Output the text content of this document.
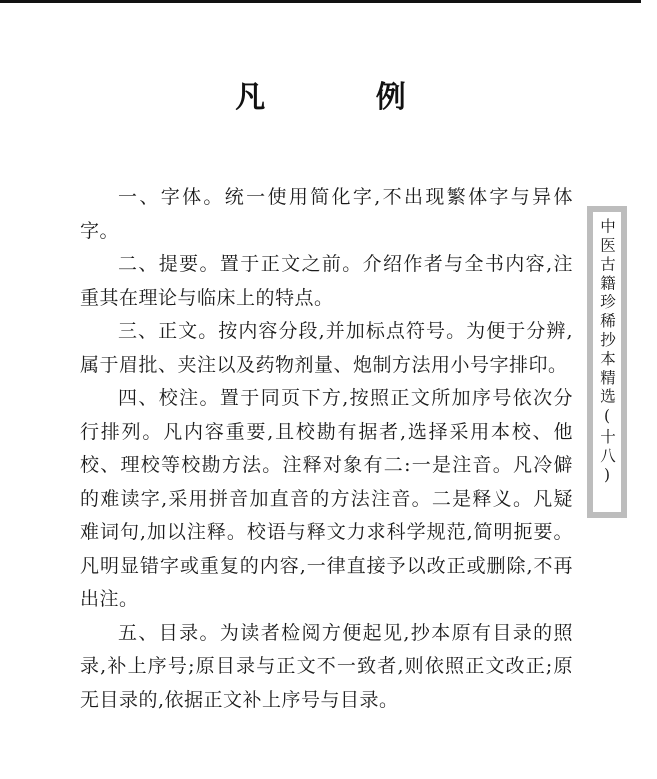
凡 例

一、字体。统一使用简化字,不出现繁体字与异体字。

二、提要。置于正文之前。介绍作者与全书内容,注重其在理论与临床上的特点。

三、正文。按内容分段,并加标点符号。为便于分辨,属于眉批、夹注以及药物剂量、炮制方法用小号字排印。

四、校注。置于同页下方,按照正文所加序号依次分行排列。凡内容重要,且校勘有据者,选择采用本校、他校、理校等校勘方法。注释对象有二:一是注音。凡冷僻的难读字,采用拼音加直音的方法注音。二是释义。凡疑难词句,加以注释。校语与释文力求科学规范,简明扼要。凡明显错字或重复的内容,一律直接予以改正或删除,不再出注。

五、目录。为读者检阅方便起见,抄本原有目录的照录,补上序号;原目录与正文不一致者,则依照正文改正;原无目录的,依据正文补上序号与目录。

中医古籍珍稀抄本精选(十八)
